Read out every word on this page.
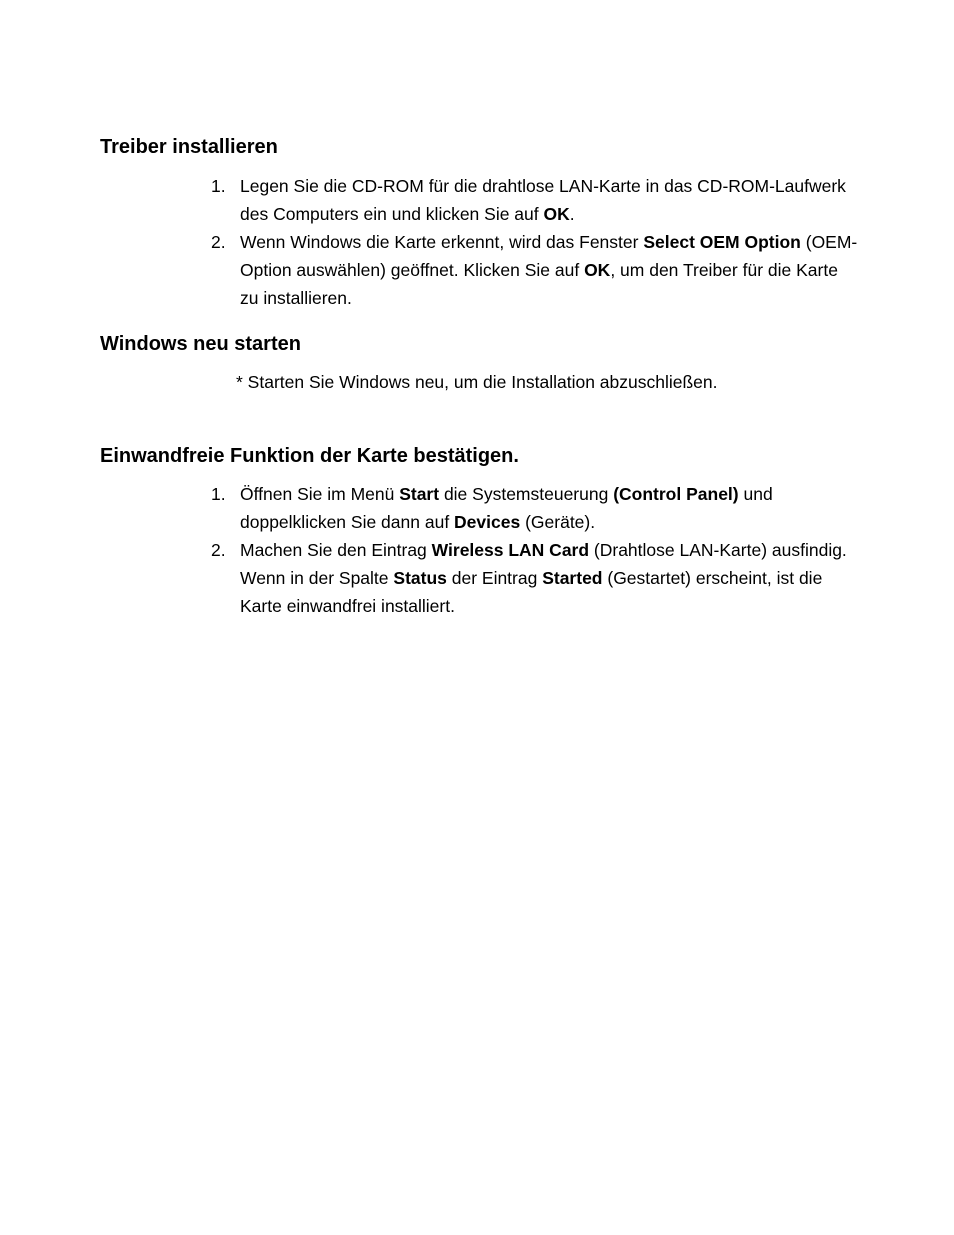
Treiber installieren
1. Legen Sie die CD-ROM für die drahtlose LAN-Karte in das CD-ROM-Laufwerk des Computers ein und klicken Sie auf OK.
2. Wenn Windows die Karte erkennt, wird das Fenster Select OEM Option (OEM-Option auswählen) geöffnet. Klicken Sie auf OK, um den Treiber für die Karte zu installieren.
Windows neu starten

* Starten Sie Windows neu, um die Installation abzuschließen.

Einwandfreie Funktion der Karte bestätigen.
1. Öffnen Sie im Menü Start die Systemsteuerung (Control Panel) und doppelklicken Sie dann auf Devices (Geräte).
2. Machen Sie den Eintrag Wireless LAN Card (Drahtlose LAN-Karte) ausfindig. Wenn in der Spalte Status der Eintrag Started (Gestartet) erscheint, ist die Karte einwandfrei installiert.
